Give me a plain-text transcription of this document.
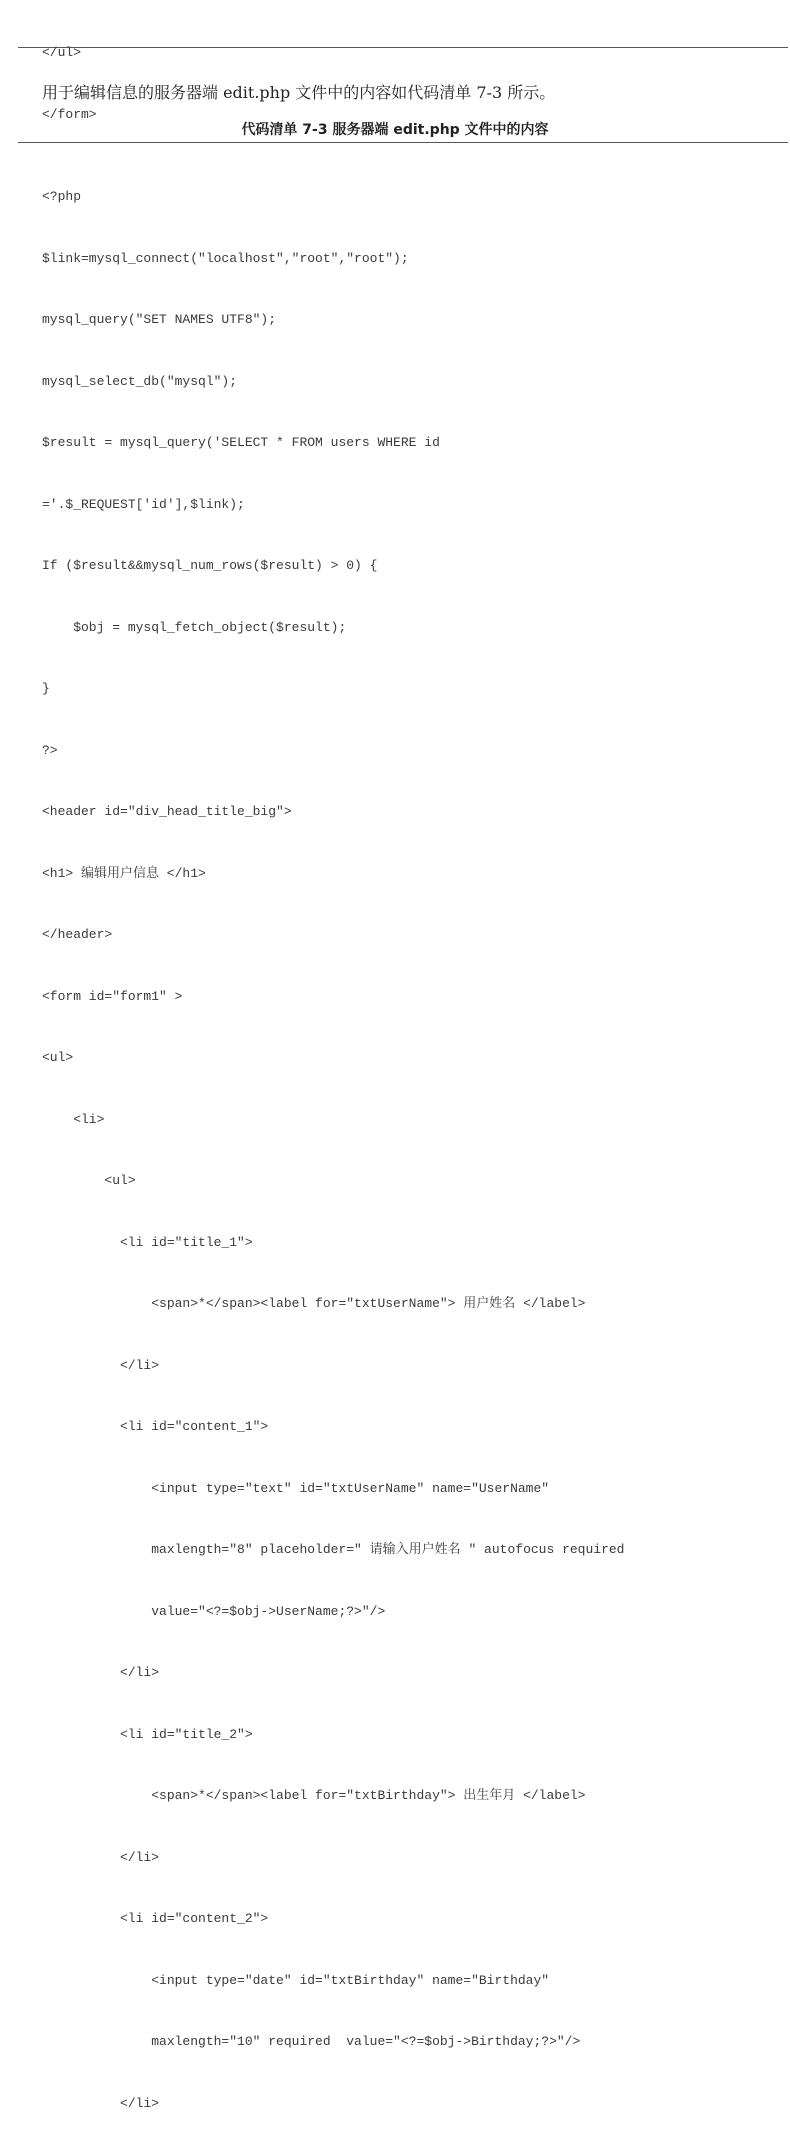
</ul>

</form>

用于编辑信息的服务器端 edit.php 文件中的内容如代码清单 7-3 所示。
代码清单 7-3 服务器端 edit.php 文件中的内容

<?php

$link=mysql_connect("localhost","root","root");

mysql_query("SET NAMES UTF8");

mysql_select_db("mysql");

$result = mysql_query('SELECT * FROM users WHERE id

='.$_REQUEST['id'],$link);

If ($result&&mysql_num_rows($result) > 0) {

$obj = mysql_fetch_object($result);

}

?>

<header id="div_head_title_big">

<h1> 编辑用户信息 </h1>

</header>

<form id="form1" >

<ul>

<li>

<ul>

<li id="title_1">

<span>*</span><label for="txtUserName"> 用户姓名 </label>

</li>

<li id="content_1">

<input type="text" id="txtUserName" name="UserName"

maxlength="8" placeholder=" 请输入用户姓名 " autofocus required

value="<?=$obj->UserName;?>"/>

</li>

<li id="title_2">

<span>*</span><label for="txtBirthday"> 出生年月 </label>

</li>

<li id="content_2">

<input type="date" id="txtBirthday" name="Birthday"

maxlength="10" required  value="<?=$obj->Birthday;?>"/>

</li>
